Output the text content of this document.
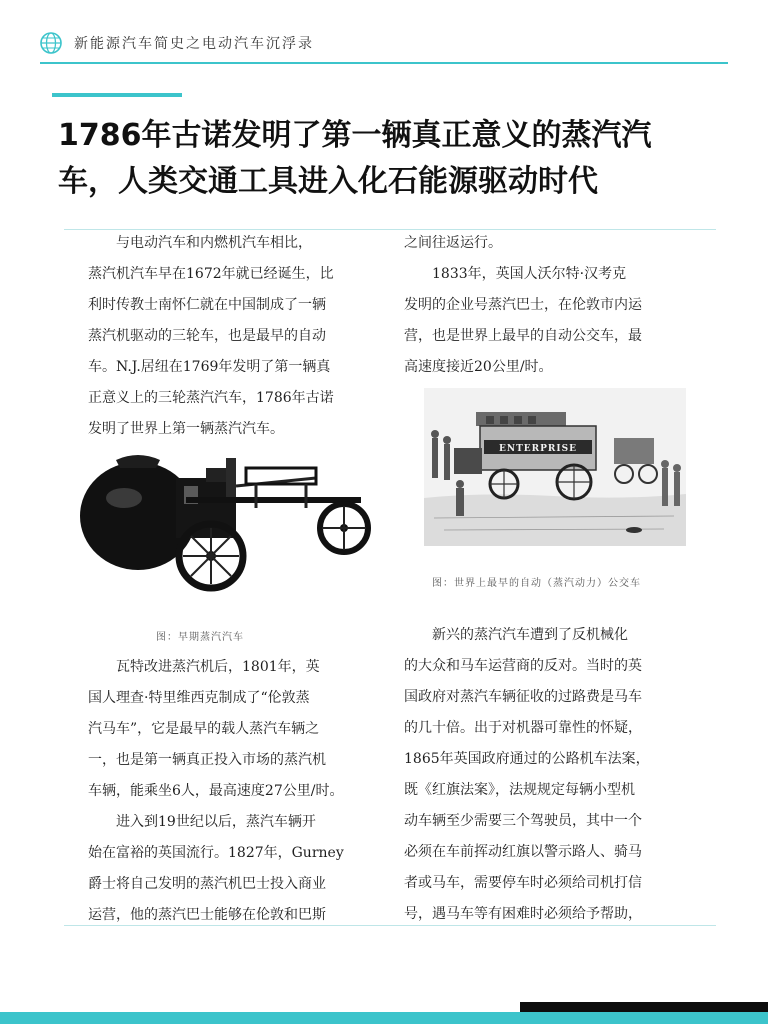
新能源汽车简史之电动汽车沉浮录
1786年古诺发明了第一辆真正意义的蒸汽汽
车，人类交通工具进入化石能源驱动时代

与电动汽车和内燃机汽车相比，

蒸汽机汽车早在1672年就已经诞生，比

利时传教士南怀仁就在中国制成了一辆

蒸汽机驱动的三轮车，也是最早的自动

车。N.J.居纽在1769年发明了第一辆真

正意义上的三轮蒸汽汽车，1786年古诺

发明了世界上第一辆蒸汽汽车。

图：早期蒸汽汽车

瓦特改进蒸汽机后，1801年，英

国人理查·特里维西克制成了“伦敦蒸

汽马车”，它是最早的载人蒸汽车辆之

一，也是第一辆真正投入市场的蒸汽机

车辆，能乘坐6人，最高速度27公里/时。

进入到19世纪以后，蒸汽车辆开

始在富裕的英国流行。1827年，Gurney

爵士将自己发明的蒸汽机巴士投入商业

运营，他的蒸汽巴士能够在伦敦和巴斯

之间往返运行。

1833年，英国人沃尔特·汉考克

发明的企业号蒸汽巴士，在伦敦市内运

营，也是世界上最早的自动公交车，最

高速度接近20公里/时。

ENTERPRISE
图：世界上最早的自动（蒸汽动力）公交车

新兴的蒸汽汽车遭到了反机械化

的大众和马车运营商的反对。当时的英

国政府对蒸汽车辆征收的过路费是马车

的几十倍。出于对机器可靠性的怀疑，

1865年英国政府通过的公路机车法案，

既《红旗法案》，法规规定每辆小型机

动车辆至少需要三个驾驶员，其中一个

必须在车前挥动红旗以警示路人、骑马

者或马车，需要停车时必须给司机打信

号，遇马车等有困难时必须给予帮助，
